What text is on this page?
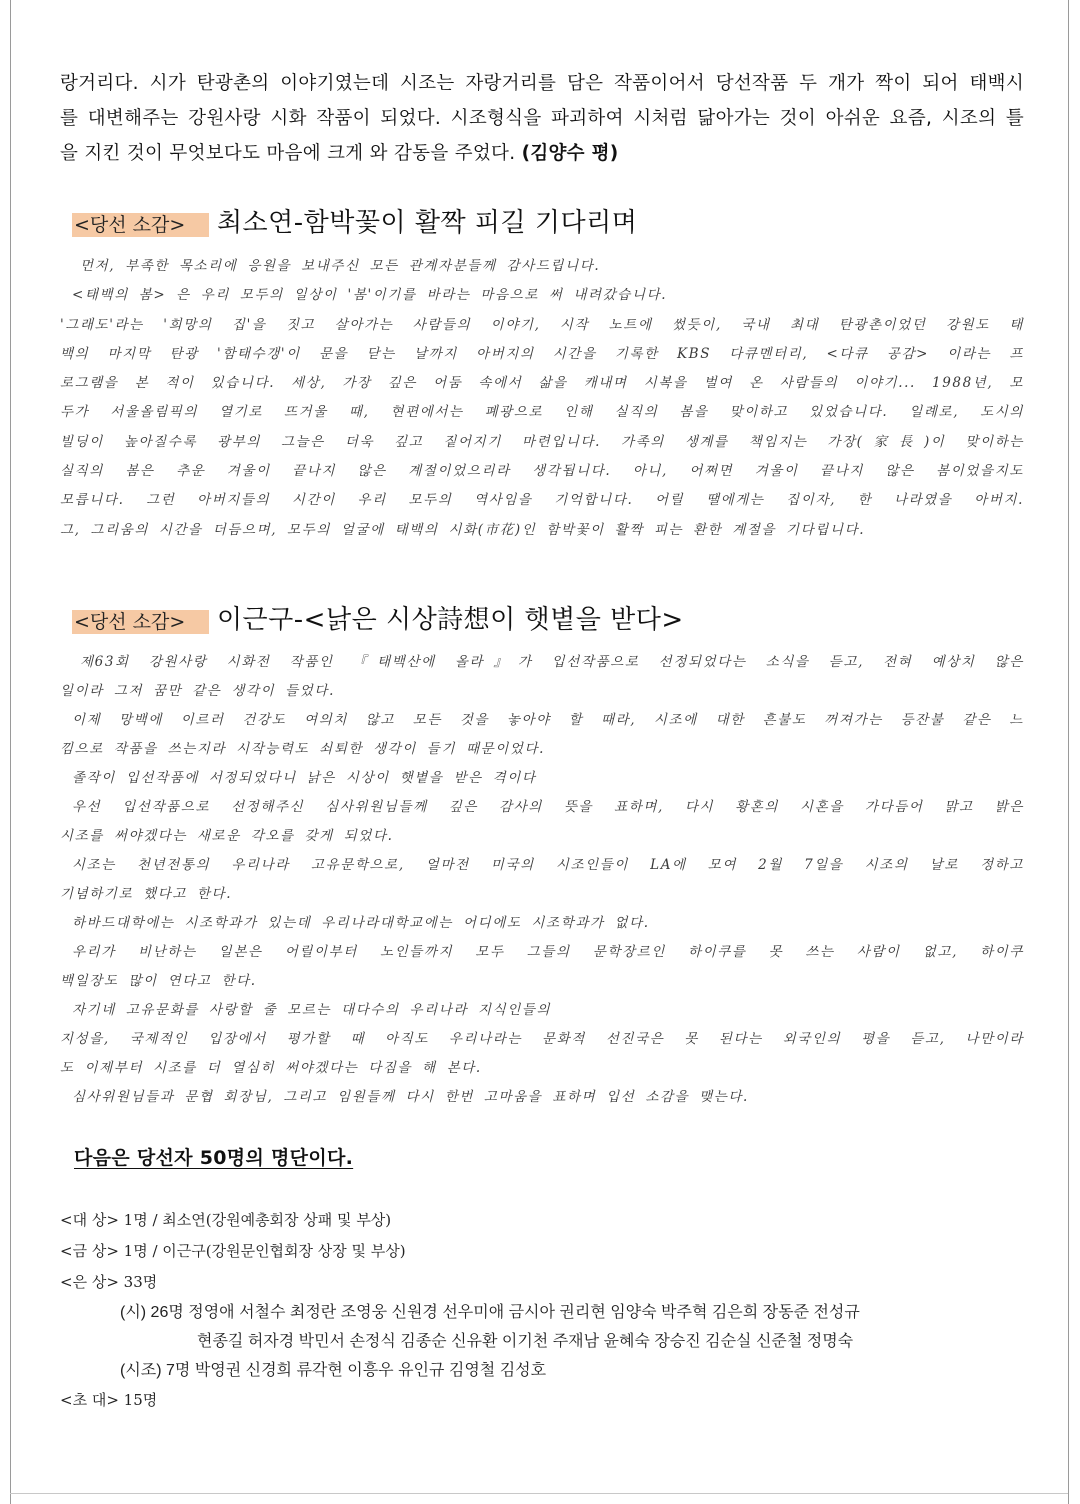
랑거리다. 시가 탄광촌의 이야기였는데 시조는 자랑거리를 담은 작품이어서 당선작품 두 개가 짝이 되어 태백시
를 대변해주는 강원사랑 시화 작품이 되었다. 시조형식을 파괴하여 시처럼 닮아가는 것이 아쉬운 요즘, 시조의 틀
을 지킨 것이 무엇보다도 마음에 크게 와 감동을 주었다. (김양수 평)
<당선 소감> 최소연-함박꽃이 활짝 피길 기다리며
먼저, 부족한 목소리에 응원을 보내주신 모든 관계자분들께 감사드립니다.
<태백의 봄> 은 우리 모두의 일상이 '봄'이기를 바라는 마음으로 써 내려갔습니다.
'그래도'라는 '희망의 집'을 짓고 살아가는 사람들의 이야기, 시작 노트에 썼듯이, 국내 최대 탄광촌이었던 강원도 태
백의 마지막 탄광 '함태수갱'이 문을 닫는 날까지 아버지의 시간을 기록한 KBS 다큐멘터리, <다큐 공감> 이라는 프
로그램을 본 적이 있습니다. 세상, 가장 깊은 어둠 속에서 삶을 캐내며 시복을 벌여 온 사람들의 이야기... 1988년, 모
두가 서울올림픽의 열기로 뜨거울 때, 현편에서는 폐광으로 인해 실직의 봄을 맞이하고 있었습니다. 일례로, 도시의
빌딩이 높아질수록 광부의 그늘은 더욱 깊고 짙어지기 마련입니다. 가족의 생계를 책임지는 가장(家長)이 맞이하는
실직의 봄은 추운 겨울이 끝나지 않은 계절이었으리라 생각됩니다. 아니, 어쩌면 겨울이 끝나지 않은 봄이었을지도
모릅니다. 그런 아버지들의 시간이 우리 모두의 역사임을 기억합니다. 어릴 땔에게는 집이자, 한 나라였을 아버지.
그, 그리움의 시간을 더듬으며, 모두의 얼굴에 태백의 시화(市花)인 함박꽃이 활짝 피는 환한 계절을 기다립니다.
<당선 소감> 이근구-<낡은 시상詩想이 햇볕을 받다>
제63회 강원사랑 시화전 작품인 『태백산에 올라』가 입선작품으로 선정되었다는 소식을 듣고, 전혀 예상치 않은
일이라 그저 꿈만 같은 생각이 들었다.
이제 망백에 이르러 건강도 여의치 않고 모든 것을 놓아야 할 때라, 시조에 대한 흔불도 꺼져가는 등잔불 같은 느
낌으로 작품을 쓰는지라 시작능력도 쇠퇴한 생각이 들기 때문이었다.
졸작이 입선작품에 서정되었다니 낡은 시상이 햇볕을 받은 격이다
우선 입선작품으로 선정해주신 심사위원님들께 깊은 감사의 뜻을 표하며, 다시 황혼의 시혼을 가다듬어 맑고 밝은
시조를 써야겠다는 새로운 각오를 갖게 되었다.
시조는 천년전통의 우리나라 고유문학으로, 얼마전 미국의 시조인들이 LA에 모여 2월 7일을 시조의 날로 정하고
기념하기로 했다고 한다.
하바드대학에는 시조학과가 있는데 우리나라대학교에는 어디에도 시조학과가 없다.
우리가 비난하는 일본은 어릴이부터 노인들까지 모두 그들의 문학장르인 하이쿠를 못 쓰는 사람이 없고, 하이쿠
백일장도 많이 연다고 한다.
자기네 고유문화를 사랑할 줄 모르는 대다수의 우리나라 지식인들의
지성을, 국제적인 입장에서 평가할 때 아직도 우리나라는 문화적 선진국은 못 된다는 외국인의 평을 듣고, 나만이라
도 이제부터 시조를 더 열심히 써야겠다는 다짐을 해 본다.
심사위원님들과 문협 회장님, 그리고 임원들께 다시 한번 고마움을 표하며 입선 소감을 맺는다.
다음은 당선자 50명의 명단이다.
<대 상> 1명 / 최소연(강원예총회장 상패 및 부상)
<금 상> 1명 / 이근구(강원문인협회장 상장 및 부상)
<은 상> 33명
(시) 26명 정영애 서철수 최정란 조영웅 신원경 선우미애 금시아 권리현 임양숙 박주혁 김은희 장동준 전성규
현종길 허자경 박민서 손정식 김종순 신유환 이기천 주재남 윤혜숙 장승진 김순실 신준철 정명숙
(시조) 7명 박영권 신경희 류각현 이흥우 유인규 김영철 김성호
<초 대> 15명
